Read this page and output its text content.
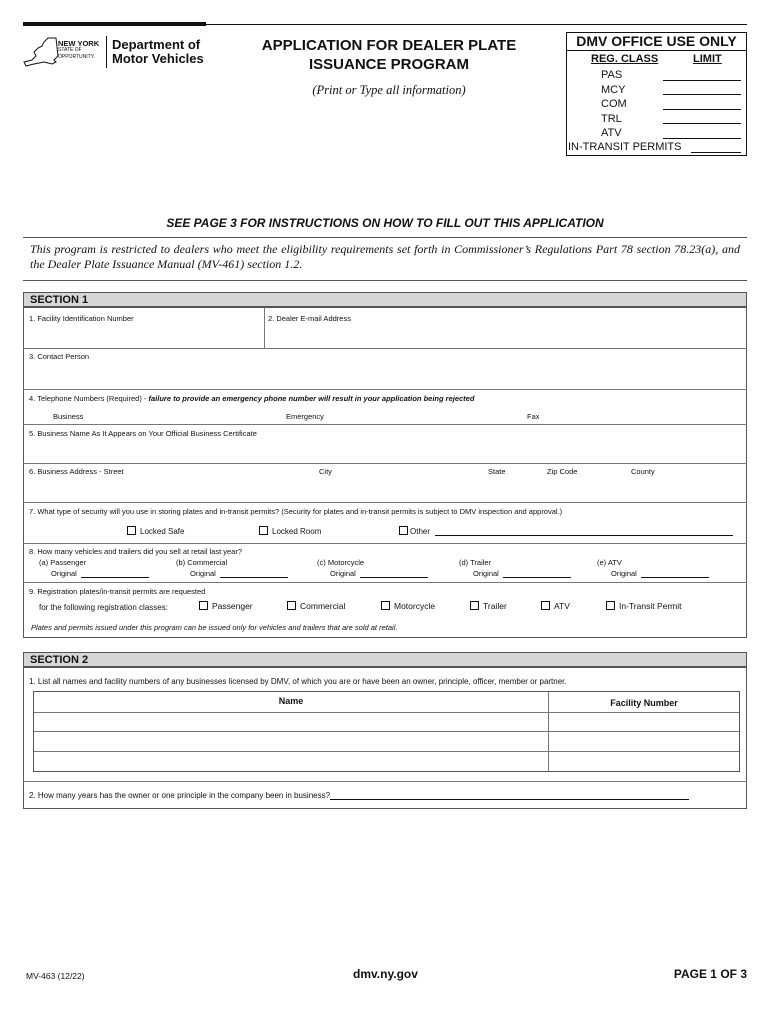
NEW YORK
STATE OF
OPPORTUNITY.
Department of
Motor Vehicles
APPLICATION FOR DEALER PLATE
ISSUANCE PROGRAM
(Print or Type all information)
DMV OFFICE USE ONLY
REG. CLASS	LIMIT
PAS
MCY
COM
TRL
ATV
IN-TRANSIT PERMITS
SEE PAGE 3 FOR INSTRUCTIONS ON HOW TO FILL OUT THIS APPLICATION
This program is restricted to dealers who meet the eligibility requirements set forth in Commissioner’s Regulations Part 78 section 78.23(a), and the Dealer Plate Issuance Manual (MV-461) section 1.2.
SECTION 1
1. Facility Identification Number	2. Dealer E-mail Address
3. Contact Person
4. Telephone Numbers (Required) - failure to provide an emergency phone number will result in your application being rejected
Business	Emergency	Fax
5. Business Name As It Appears on Your Official Business Certificate
6. Business Address - Street	City	State	Zip Code	County
7. What type of security will you use in storing plates and in-transit permits? (Security for plates and in-transit permits is subject to DMV inspection and approval.)
Locked Safe	Locked Room	Other
8. How many vehicles and trailers did you sell at retail last year?
(a) Passenger
Original
(b) Commercial
Original
(c) Motorcycle
Original
(d) Trailer
Original
(e) ATV
Original
9. Registration plates/in-transit permits are requested
for the following registration classes:	Passenger	Commercial	Motorcycle	Trailer	ATV	In-Transit Permit
Plates and permits issued under this program can be issued only for vehicles and trailers that are sold at retail.
SECTION 2
1. List all names and facility numbers of any businesses licensed by DMV, of which you are or have been an owner, principle, officer, member or partner.
Name	Facility Number
2. How many years has the owner or one principle in the company been in business?
MV-463 (12/22)	dmv.ny.gov	PAGE 1 OF 3
